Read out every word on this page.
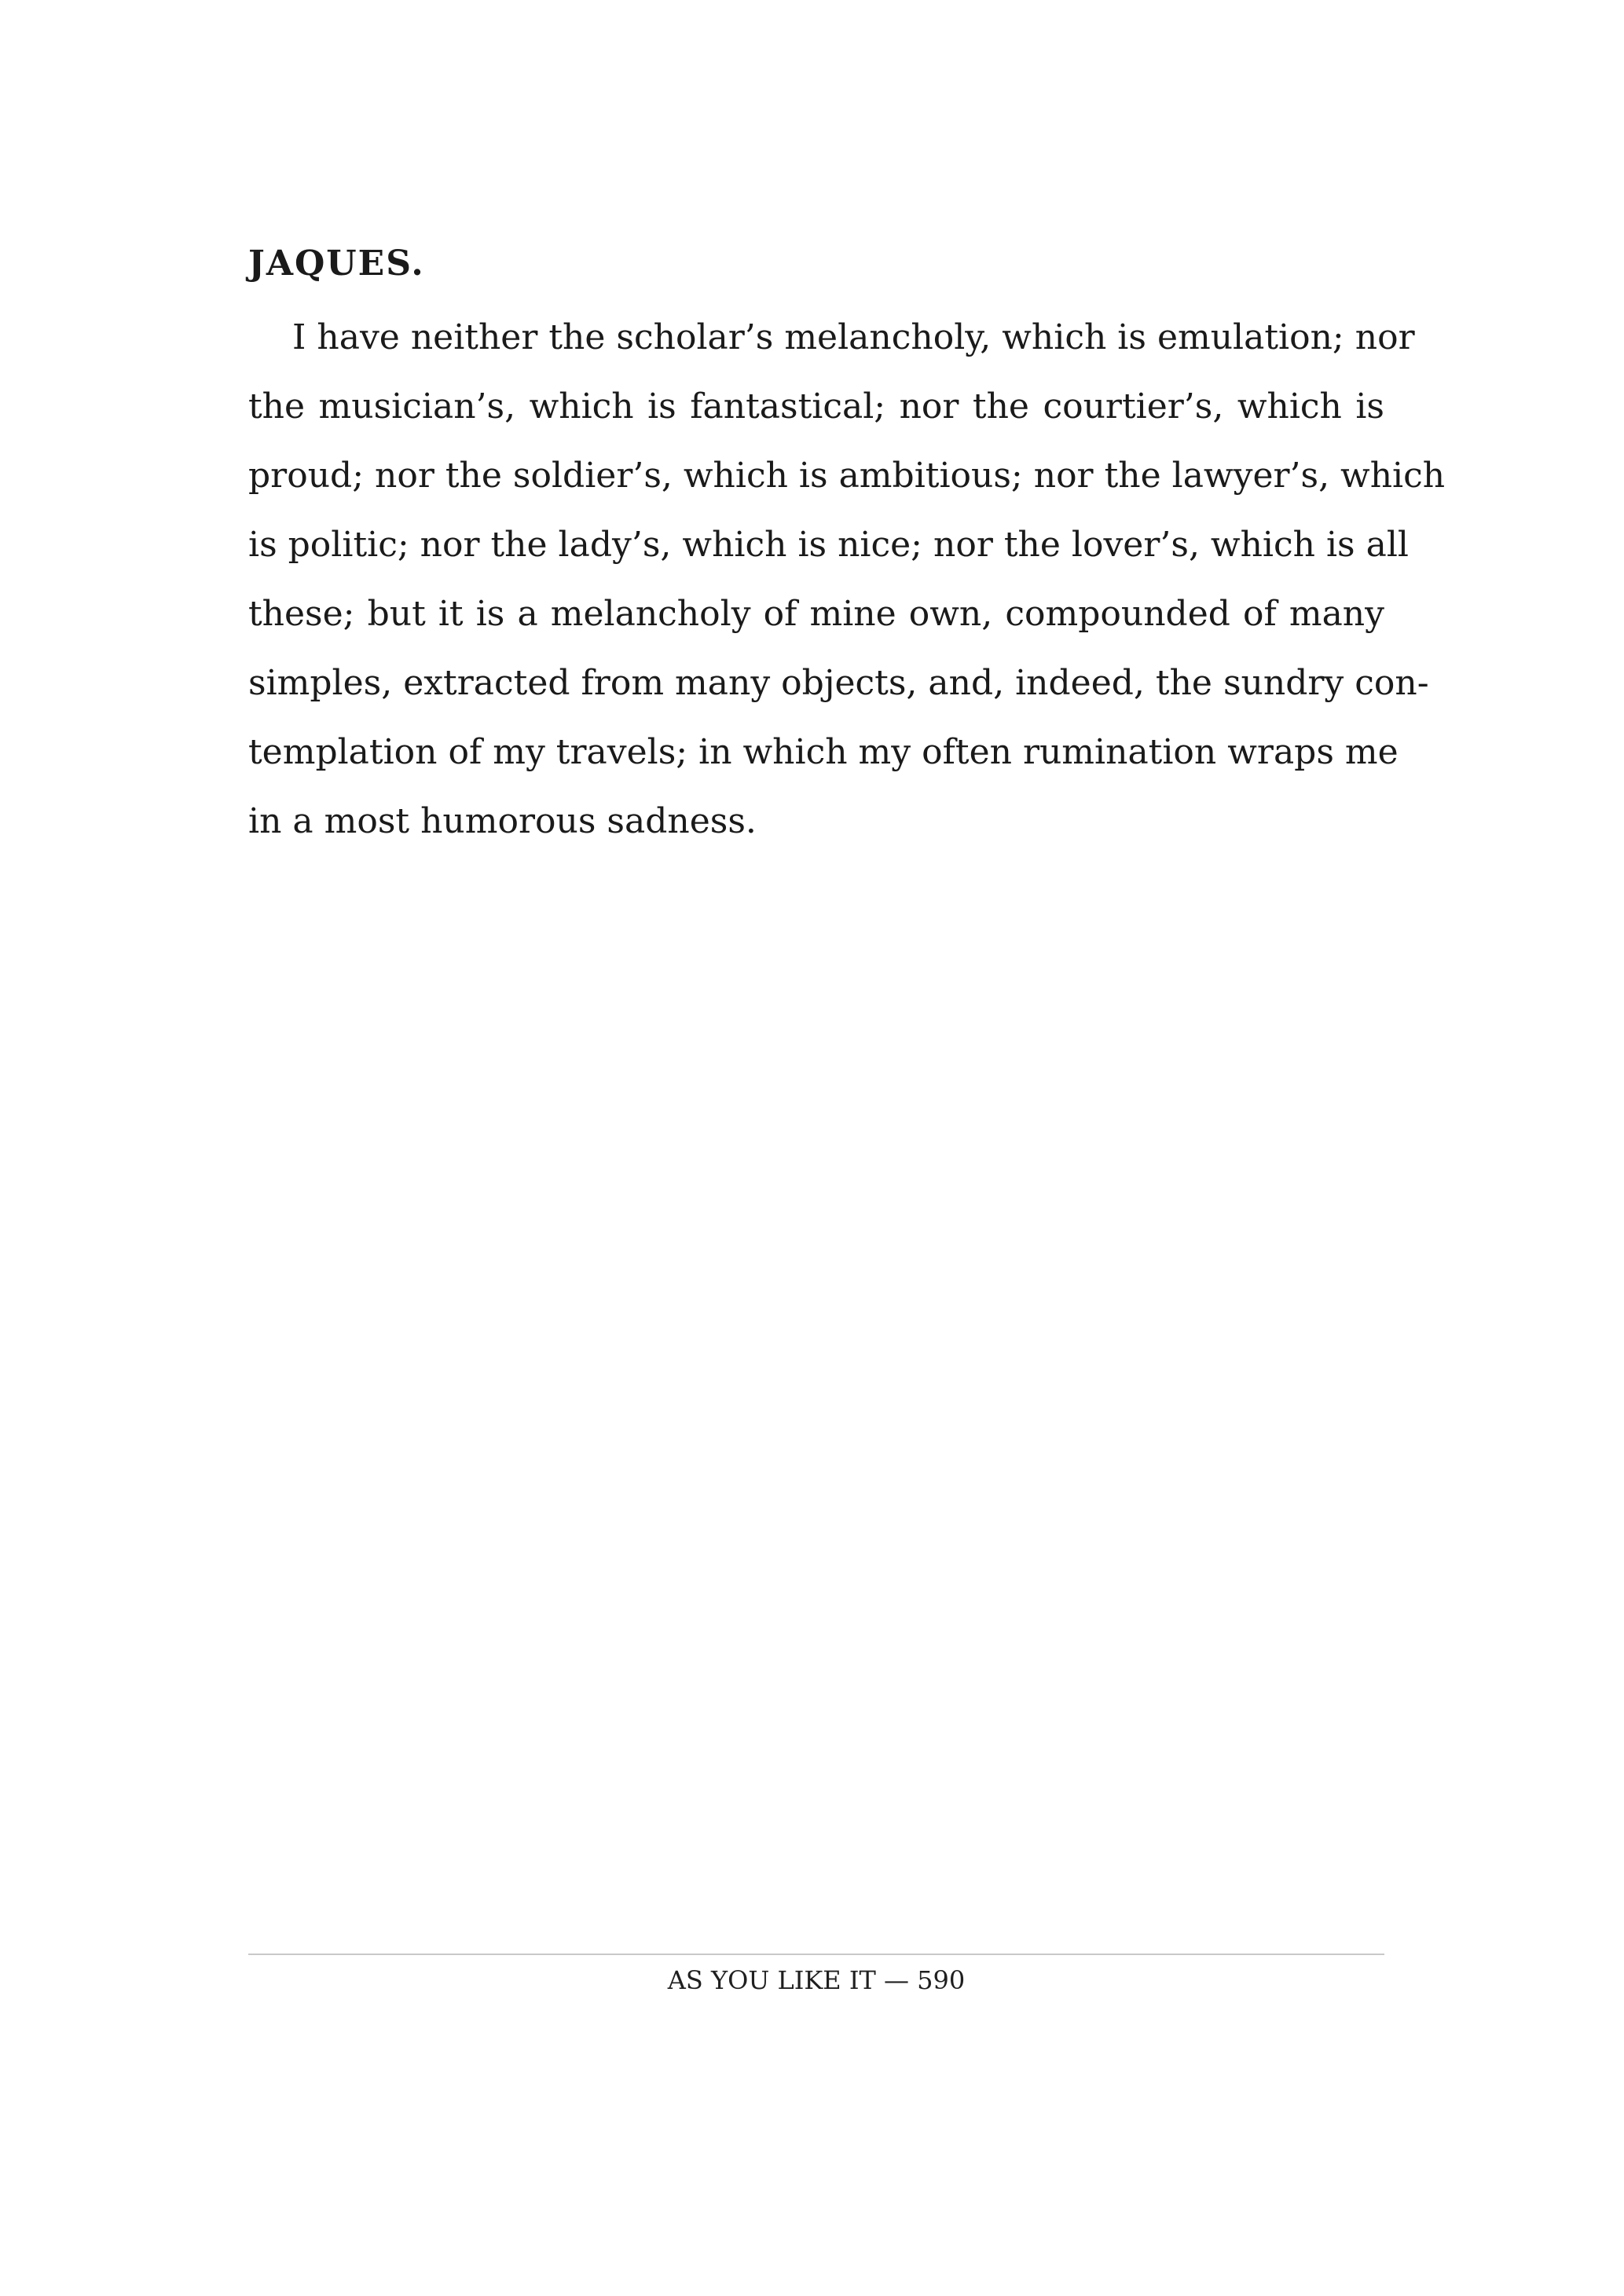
JAQUES.

I have neither the scholar’s melancholy, which is emulation; nor
the musician’s, which is fantastical; nor the courtier’s, which is
proud; nor the soldier’s, which is ambitious; nor the lawyer’s, which
is politic; nor the lady’s, which is nice; nor the lover’s, which is all
these; but it is a melancholy of mine own, compounded of many
simples, extracted from many objects, and, indeed, the sundry con-
templation of my travels; in which my often rumination wraps me
in a most humorous sadness.
AS YOU LIKE IT — 590
